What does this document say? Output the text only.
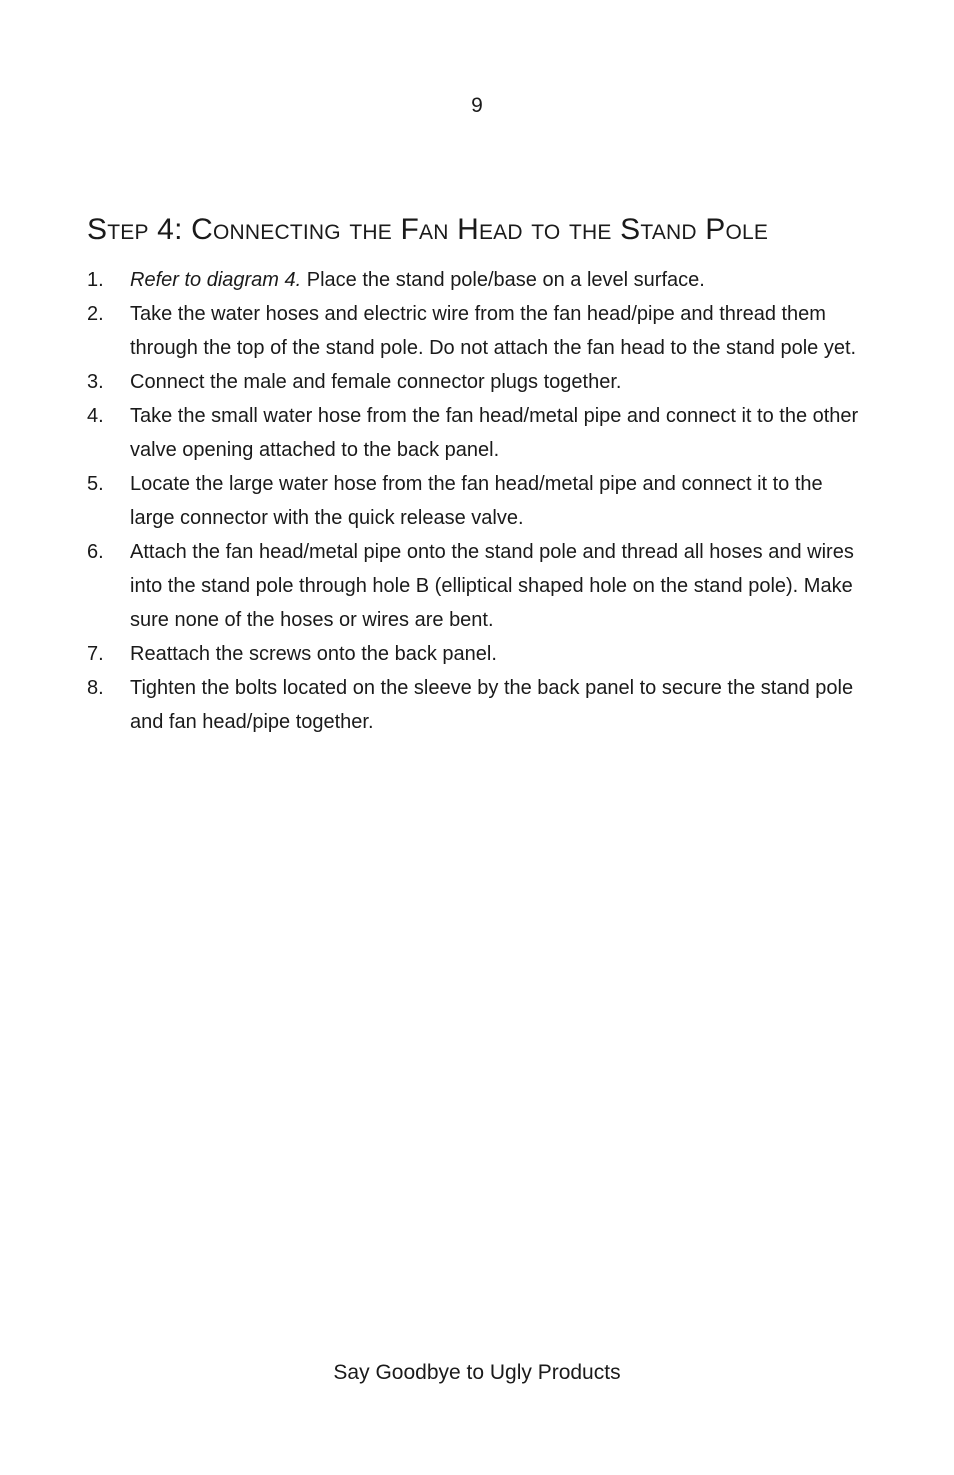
9
Step 4: Connecting the Fan Head to the Stand Pole
1.	Refer to diagram 4. Place the stand pole/base on a level surface.
2.	Take the water hoses and electric wire from the fan head/pipe and thread them through the top of the stand pole. Do not attach the fan head to the stand pole yet.
3.	Connect the male and female connector plugs together.
4.	Take the small water hose from the fan head/metal pipe and connect it to the other valve opening attached to the back panel.
5.	Locate the large water hose from the fan head/metal pipe and connect it to the large connector with the quick release valve.
6.	Attach the fan head/metal pipe onto the stand pole and thread all hoses and wires into the stand pole through hole B (elliptical shaped hole on the stand pole). Make sure none of the hoses or wires are bent.
7.	Reattach the screws onto the back panel.
8.	Tighten the bolts located on the sleeve by the back panel to secure the stand pole and fan head/pipe together.
Say Goodbye to Ugly Products
